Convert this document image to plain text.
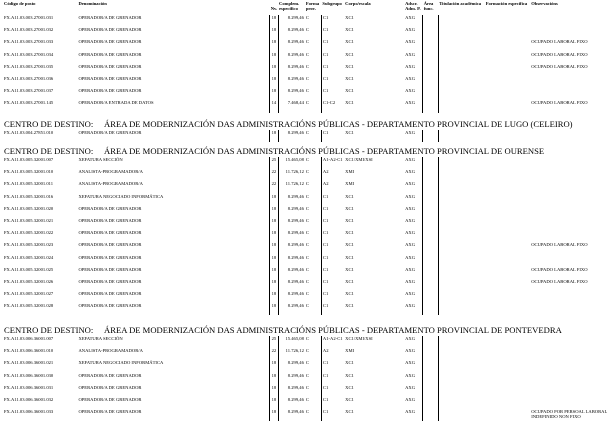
Código de posto	Denominación	Nv.	Complem. específico	Forma prov.	Subgrupo	Corpo/escala	Adscr. Adm. P.	Área func.	Titulación académica	Formación específica	Observacións
FX.A11.03.003.27001.031	OPERADOR/A DE GRENADOR	18	8.299,46	C	C1	XC1	AXG				
FX.A11.03.003.27001.032	OPERADOR/A DE GRENADOR	18	8.299,46	C	C1	XC1	AXG				
FX.A11.03.003.27001.033	OPERADOR/A DE GRENADOR	18	8.299,46	C	C1	XC1	AXG				OCUPADO LABORAL FIXO
FX.A11.03.003.27001.034	OPERADOR/A DE GRENADOR	18	8.299,46	C	C1	XC1	AXG				OCUPADO LABORAL FIXO
FX.A11.03.003.27001.035	OPERADOR/A DE GRENADOR	18	8.299,46	C	C1	XC1	AXG				OCUPADO LABORAL FIXO
FX.A11.03.003.27001.036	OPERADOR/A DE GRENADOR	18	8.299,46	C	C1	XC1	AXG				
FX.A11.03.003.27001.037	OPERADOR/A DE GRENADOR	18	8.299,46	C	C1	XC1	AXG				
FX.A11.03.003.27001.145	OPERADOR/A ENTRADA DE DATOS	14	7.468,44	C	C1-C2	XC1	AXG				OCUPADO LABORAL FIXO
CENTRO DE DESTINO: ÁREA DE MODERNIZACIÓN DAS ADMINISTRACIÓNS PÚBLICAS - DEPARTAMENTO PROVINCIAL DE LUGO (CELEIRO)
FX.A11.03.004.27851.010	OPERADOR/A DE GRENADOR	18	8.299,46	C	C1	XC1	AXG				
CENTRO DE DESTINO: ÁREA DE MODERNIZACIÓN DAS ADMINISTRACIÓNS PÚBLICAS - DEPARTAMENTO PROVINCIAL DE OURENSE
FX.A11.03.005.32001.007	XEFATURA SECCIÓN	25	15.465,08	C	A1-A2-C1	XC1/XMI/XSI	AXG				
FX.A11.03.005.32001.010	ANALISTA-PROGRAMADOR/A	22	11.726,12	C	A2	XMI	AXG				
FX.A11.03.005.32001.011	ANALISTA-PROGRAMADOR/A	22	11.726,12	C	A2	XMI	AXG				
FX.A11.03.005.32001.016	XEFATURA NEGOCIADO INFORMÁTICA	18	8.299,46	C	C1	XC1	AXG				
FX.A11.03.005.32001.020	OPERADOR/A DE GRENADOR	18	8.299,46	C	C1	XC1	AXG				
FX.A11.03.005.32001.021	OPERADOR/A DE GRENADOR	18	8.299,46	C	C1	XC1	AXG				
FX.A11.03.005.32001.022	OPERADOR/A DE GRENADOR	18	8.299,46	C	C1	XC1	AXG				
FX.A11.03.005.32001.023	OPERADOR/A DE GRENADOR	18	8.299,46	C	C1	XC1	AXG				OCUPADO LABORAL FIXO
FX.A11.03.005.32001.024	OPERADOR/A DE GRENADOR	18	8.299,46	C	C1	XC1	AXG				
FX.A11.03.005.32001.025	OPERADOR/A DE GRENADOR	18	8.299,46	C	C1	XC1	AXG				OCUPADO LABORAL FIXO
FX.A11.03.005.32001.026	OPERADOR/A DE GRENADOR	18	8.299,46	C	C1	XC1	AXG				OCUPADO LABORAL FIXO
FX.A11.03.005.32001.027	OPERADOR/A DE GRENADOR	18	8.299,46	C	C1	XC1	AXG				
FX.A11.03.005.32001.028	OPERADOR/A DE GRENADOR	18	8.299,46	C	C1	XC1	AXG				
CENTRO DE DESTINO: ÁREA DE MODERNIZACIÓN DAS ADMINISTRACIÓNS PÚBLICAS - DEPARTAMENTO PROVINCIAL DE PONTEVEDRA
FX.A11.03.006.36001.007	XEFATURA SECCIÓN	25	15.465,08	C	A1-A2-C1	XC1/XMI/XSI	AXG				
FX.A11.03.006.36001.010	ANALISTA-PROGRAMADOR/A	22	11.726,12	C	A2	XMI	AXG				
FX.A11.03.006.36001.021	XEFATURA NEGOCIADO INFORMÁTICA	18	8.299,46	C	C1	XC1	AXG				
FX.A11.03.006.36001.030	OPERADOR/A DE GRENADOR	18	8.299,46	C	C1	XC1	AXG				
FX.A11.03.006.36001.031	OPERADOR/A DE GRENADOR	18	8.299,46	C	C1	XC1	AXG				
FX.A11.03.006.36001.032	OPERADOR/A DE GRENADOR	18	8.299,46	C	C1	XC1	AXG				
FX.A11.03.006.36001.033	OPERADOR/A DE GRENADOR	18	8.299,46	C	C1	XC1	AXG				OCUPADO POR PERSOAL LABORAL INDEFINIDO NON FIXO
